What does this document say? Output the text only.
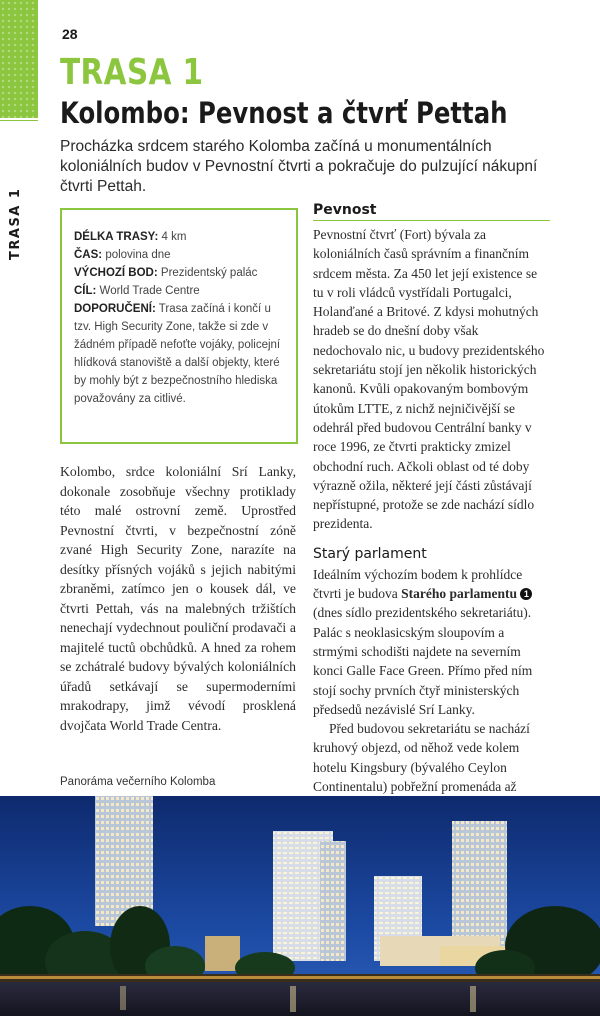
TRASA 1
28
TRASA 1
Kolombo: Pevnost a čtvrť Pettah
Procházka srdcem starého Kolomba začíná u monumentálních koloniálních budov v Pevnostní čtvrti a pokračuje do pulzující nákupní čtvrti Pettah.
DÉLKA TRASY: 4 km
ČAS: polovina dne
VÝCHOZÍ BOD: Prezidentský palác
CÍL: World Trade Centre
DOPORUČENÍ: Trasa začíná i končí u tzv. High Security Zone, takže si zde v žádném případě nefoťte vojáky, policejní hlídková stanoviště a další objekty, které by mohly být z bezpečnostního hlediska považovány za citlivé.
Kolombo, srdce koloniální Srí Lanky, dokonale zosobňuje všechny protiklady této malé ostrovní země. Uprostřed Pevnostní čtvrti, v bezpečnostní zóně zvané High Security Zone, narazíte na desítky přísných vojáků s jejich nabitými zbraněmi, zatímco jen o kousek dál, ve čtvrti Pettah, vás na malebných tržištích nenechají vydechnout pouliční prodavači a majitelé tuctů obchůdků. A hned za rohem se zchátralé budovy bývalých koloniálních úřadů setkávají se supermoderními mrakodrapy, jimž vévodí prosklená dvojčata World Trade Centra.
Pevnost

Pevnostní čtvrť (Fort) bývala za koloniálních časů správním a finančním srdcem města. Za 450 let její existence se tu v roli vládců vystřídali Portugalci, Holanďané a Britové. Z kdysi mohutných hradeb se do dnešní doby však nedochovalo nic, u budovy prezidentského sekretariátu stojí jen několik historických kanonů. Kvůli opakovaným bombovým útokům LTTE, z nichž nejničivější se odehrál před budovou Centrální banky v roce 1996, ze čtvrti prakticky zmizel obchodní ruch. Ačkoli oblast od té doby výrazně ožila, některé její části zůstávají nepřístupné, protože se zde nachází sídlo prezidenta.

Starý parlament

Ideálním výchozím bodem k prohlídce čtvrti je budova Starého parlamentu 1 (dnes sídlo prezidentského sekretariátu). Palác s neoklasicským sloupovím a strmými schodišti najdete na severním konci Galle Face Green. Přímo před ním stojí sochy prvních čtyř ministerských předsedů nezávislé Srí Lanky.

Před budovou sekretariátu se nachází kruhový objezd, od něhož vede kolem hotelu Kingsbury (bývalého Ceylon Continentalu) pobřežní promenáda až

Panoráma večerního Kolomba
